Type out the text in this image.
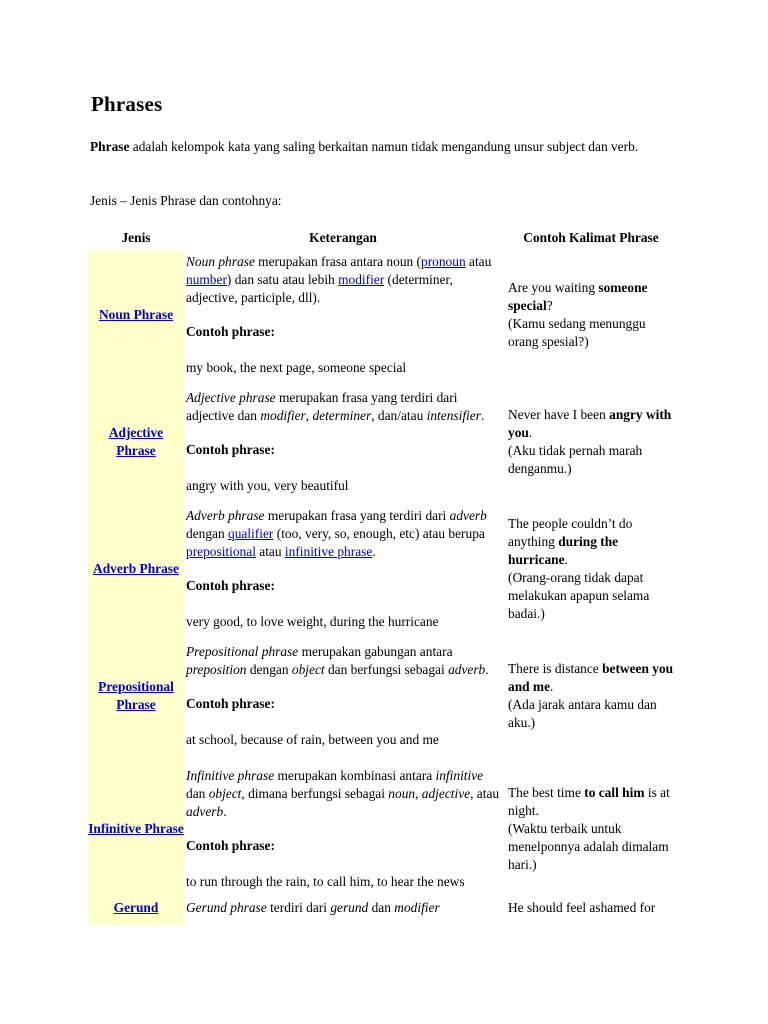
Phrases

Phrase adalah kelompok kata yang saling berkaitan namun tidak mengandung unsur subject dan verb.

Jenis – Jenis Phrase dan contohnya:

Jenis	Keterangan	Contoh Kalimat Phrase
Noun Phrase	Noun phrase merupakan frasa antara noun (pronoun atau number) dan satu atau lebih modifier (determiner, adjective, participle, dll).
Contoh phrase:
my book, the next page, someone special	Are you waiting someone special?
(Kamu sedang menunggu orang spesial?)

Adjective Phrase	Adjective phrase merupakan frasa yang terdiri dari adjective dan modifier, determiner, dan/atau intensifier.
Contoh phrase:
angry with you, very beautiful	Never have I been angry with you.
(Aku tidak pernah marah denganmu.)

Adverb Phrase	Adverb phrase merupakan frasa yang terdiri dari adverb dengan qualifier (too, very, so, enough, etc) atau berupa prepositional atau infinitive phrase.
Contoh phrase:
very good, to love weight, during the hurricane	The people couldn’t do anything during the hurricane.
(Orang-orang tidak dapat melakukan apapun selama badai.)

Prepositional Phrase	Prepositional phrase merupakan gabungan antara preposition dengan object dan berfungsi sebagai adverb.
Contoh phrase:
at school, because of rain, between you and me	There is distance between you and me.
(Ada jarak antara kamu dan aku.)

Infinitive Phrase	Infinitive phrase merupakan kombinasi antara infinitive dan object, dimana berfungsi sebagai noun, adjective, atau adverb.
Contoh phrase:
to run through the rain, to call him, to hear the news	The best time to call him is at night.
(Waktu terbaik untuk menelponnya adalah dimalam hari.)

Gerund	Gerund phrase terdiri dari gerund dan modifier	He should feel ashamed for
